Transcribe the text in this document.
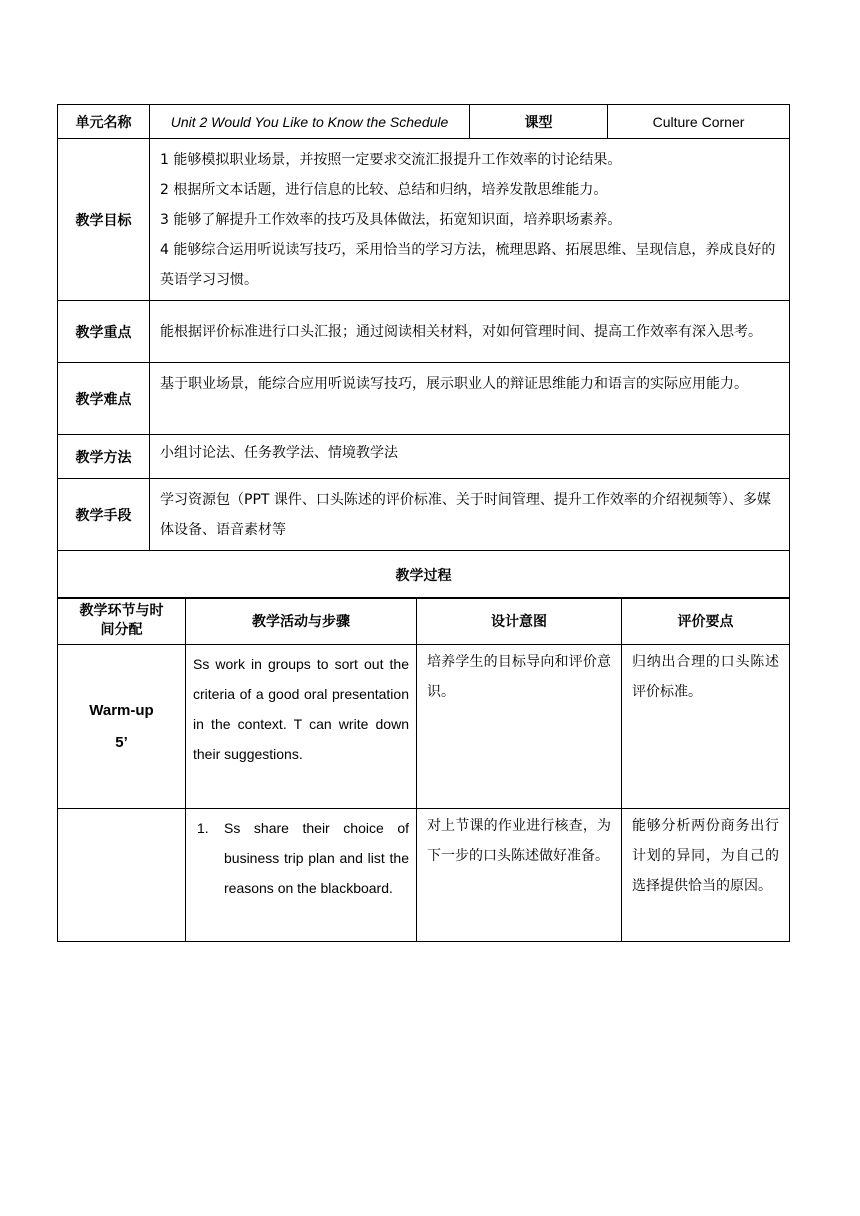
单元名称	Unit 2 Would You Like to Know the Schedule	课型	Culture Corner
教学目标	1 能够模拟职业场景，并按照一定要求交流汇报提升工作效率的讨论结果。

2 根据所文本话题，进行信息的比较、总结和归纳，培养发散思维能力。

3 能够了解提升工作效率的技巧及具体做法，拓宽知识面，培养职场素养。

4 能够综合运用听说读写技巧，采用恰当的学习方法，梳理思路、拓展思维、呈现信息，养成良好的英语学习习惯。		

教学重点	能根据评价标准进行口头汇报；通过阅读相关材料，对如何管理时间、提高工作效率有深入思考。		
教学难点	基于职业场景，能综合应用听说读写技巧，展示职业人的辩证思维能力和语言的实际应用能力。		
教学方法	小组讨论法、任务教学法、情境教学法		
教学手段	学习资源包（PPT 课件、口头陈述的评价标准、关于时间管理、提升工作效率的介绍视频等）、多媒体设备、语音素材等		
教学过程			
教学环节与时间分配	教学活动与步骤	设计意图	评价要点

Warm-up
5’	Ss work in groups to sort out the criteria of a good oral presentation in the context. T can write down their suggestions.	培养学生的目标导向和评价意识。	归纳出合理的口头陈述评价标准。

	1. Ss share their choice of business trip plan and list the reasons on the blackboard.	对上节课的作业进行核查，为下一步的口头陈述做好准备。	能够分析两份商务出行计划的异同，为自己的选择提供恰当的原因。
